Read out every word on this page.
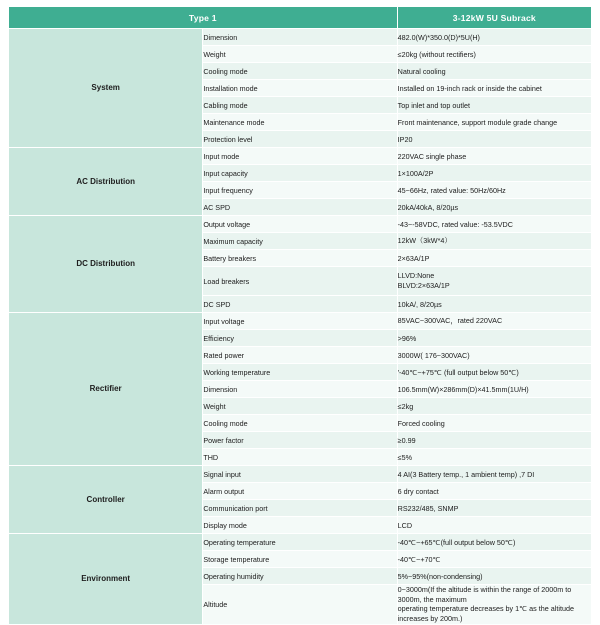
Type 1		3-12kW 5U Subrack
System	Dimension	482.0(W)*350.0(D)*5U(H)
	Weight	≤20kg (without rectifiers)
	Cooling mode	Natural cooling
	Installation mode	Installed on 19-inch rack or inside the cabinet
	Cabling mode	Top inlet and top outlet
	Maintenance mode	Front maintenance, support module grade change
	Protection level	IP20
AC Distribution	Input mode	220VAC single phase
	Input capacity	1×100A/2P
	Input frequency	45~66Hz, rated value: 50Hz/60Hz
	AC SPD	20kA/40kA, 8/20µs
DC Distribution	Output voltage	-43~-58VDC, rated value: -53.5VDC
	Maximum capacity	12kW（3kW*4）
	Battery breakers	2×63A/1P
	Load breakers	LLVD:None
BLVD:2×63A/1P

	DC SPD	10kA/, 8/20µs
Rectifier	Input voltage	85VAC~300VAC，rated 220VAC
	Efficiency	>96%
	Rated power	3000W( 176~300VAC)
	Working temperature	'-40℃~+75℃ (full output below 50℃)
	Dimension	106.5mm(W)×286mm(D)×41.5mm(1U/H)
	Weight	≤2kg
	Cooling mode	Forced cooling
	Power factor	≥0.99
	THD	≤5%
Controller	Signal input	4 AI(3 Battery temp., 1 ambient temp) ,7 DI
	Alarm output	6 dry contact
	Communication port	RS232/485, SNMP
	Display mode	LCD
Environment	Operating temperature	-40℃~+65℃(full output below 50℃)
	Storage temperature	-40℃~+70℃
	Operating humidity	5%~95%(non-condensing)
	Altitude	0~3000m(If the altitude is within the range of 2000m to 3000m, the maximum
operating temperature decreases by 1℃ as the altitude increases by 200m.)
